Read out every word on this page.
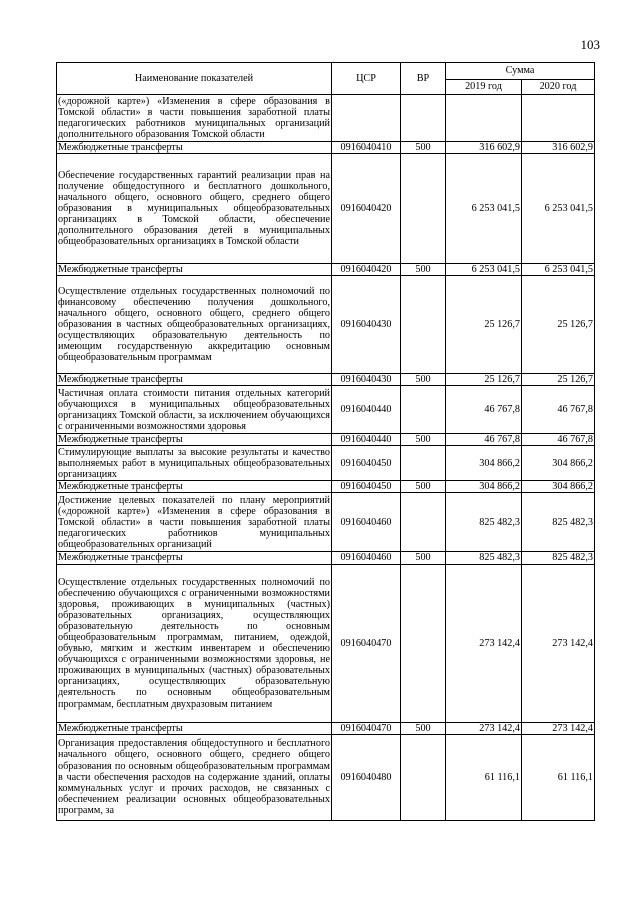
103
Наименование показателей	ЦСР	ВР	Сумма	
			2019 год	2020 год
(«дорожной карте») «Изменения в сфере образования в Томской области» в части повышения заработной платы педагогических работников муниципальных организаций дополнительного образования Томской области				
Межбюджетные трансферты	0916040410	500	316 602,9	316 602,9
Обеспечение государственных гарантий реализации прав на получение общедоступного и бесплатного дошкольного, начального общего, основного общего, среднего общего образования в муниципальных общеобразовательных организациях в Томской области, обеспечение дополнительного образования детей в муниципальных общеобразовательных организациях в Томской области	0916040420		6 253 041,5	6 253 041,5
Межбюджетные трансферты	0916040420	500	6 253 041,5	6 253 041,5
Осуществление отдельных государственных полномочий по финансовому обеспечению получения дошкольного, начального общего, основного общего, среднего общего образования в частных общеобразовательных организациях, осуществляющих образовательную деятельность по имеющим государственную аккредитацию основным общеобразовательным программам	0916040430		25 126,7	25 126,7
Межбюджетные трансферты	0916040430	500	25 126,7	25 126,7
Частичная оплата стоимости питания отдельных категорий обучающихся в муниципальных общеобразовательных организациях Томской области, за исключением обучающихся с ограниченными возможностями здоровья	0916040440		46 767,8	46 767,8
Межбюджетные трансферты	0916040440	500	46 767,8	46 767,8
Стимулирующие выплаты за высокие результаты и качество выполняемых работ в муниципальных общеобразовательных организациях	0916040450		304 866,2	304 866,2
Межбюджетные трансферты	0916040450	500	304 866,2	304 866,2
Достижение целевых показателей по плану мероприятий («дорожной карте») «Изменения в сфере образования в Томской области» в части повышения заработной платы педагогических работников муниципальных общеобразовательных организаций	0916040460		825 482,3	825 482,3
Межбюджетные трансферты	0916040460	500	825 482,3	825 482,3
Осуществление отдельных государственных полномочий по обеспечению обучающихся с ограниченными возможностями здоровья, проживающих в муниципальных (частных) образовательных организациях, осуществляющих образовательную деятельность по основным общеобразовательным программам, питанием, одеждой, обувью, мягким и жестким инвентарем и обеспечению обучающихся с ограниченными возможностями здоровья, не проживающих в муниципальных (частных) образовательных организациях, осуществляющих образовательную деятельность по основным общеобразовательным программам, бесплатным двухразовым питанием	0916040470		273 142,4	273 142,4
Межбюджетные трансферты	0916040470	500	273 142,4	273 142,4
Организация предоставления общедоступного и бесплатного начального общего, основного общего, среднего общего образования по основным общеобразовательным программам в части обеспечения расходов на содержание зданий, оплаты коммунальных услуг и прочих расходов, не связанных с обеспечением реализации основных общеобразовательных программ, за	0916040480		61 116,1	61 116,1
